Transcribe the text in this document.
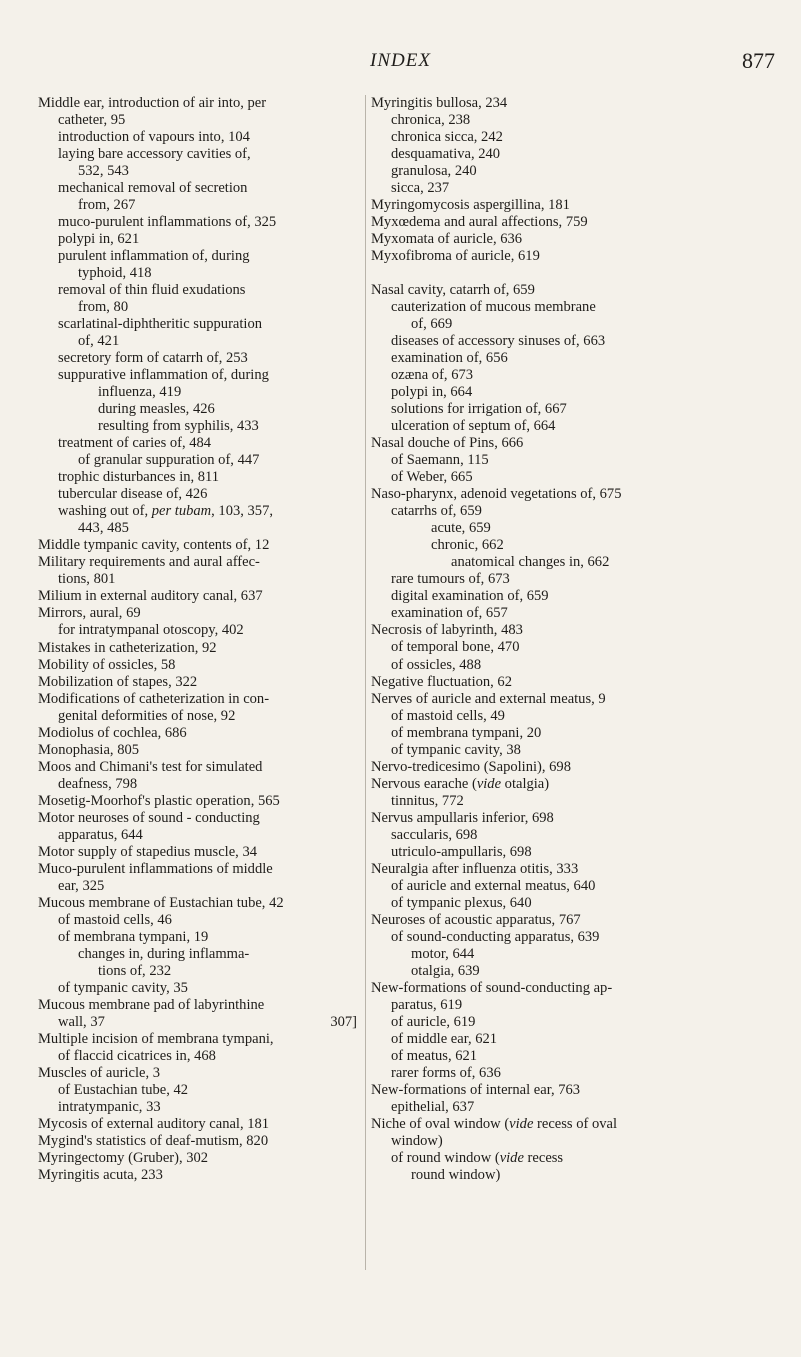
INDEX	877
Middle ear, introduction of air into, per
catheter, 95
introduction of vapours into, 104
laying bare accessory cavities of,
532, 543
mechanical removal of secretion
from, 267
muco-purulent inflammations of, 325
polypi in, 621
purulent inflammation of, during
typhoid, 418
removal of thin fluid exudations
from, 80
scarlatinal-diphtheritic suppuration
of, 421
secretory form of catarrh of, 253
suppurative inflammation of, during
influenza, 419
during measles, 426
resulting from syphilis, 433
treatment of caries of, 484
of granular suppuration of, 447
trophic disturbances in, 811
tubercular disease of, 426
washing out of, per tubam, 103, 357,
443, 485
Middle tympanic cavity, contents of, 12
Military requirements and aural affec-
tions, 801
Milium in external auditory canal, 637
Mirrors, aural, 69
for intratympanal otoscopy, 402
Mistakes in catheterization, 92
Mobility of ossicles, 58
Mobilization of stapes, 322
Modifications of catheterization in con-
genital deformities of nose, 92
Modiolus of cochlea, 686
Monophasia, 805
Moos and Chimani's test for simulated
deafness, 798
Mosetig-Moorhof's plastic operation, 565
Motor neuroses of sound - conducting
apparatus, 644
Motor supply of stapedius muscle, 34
Muco-purulent inflammations of middle
ear, 325
Mucous membrane of Eustachian tube, 42
of mastoid cells, 46
of membrana tympani, 19
changes in, during inflamma-
tions of, 232
of tympanic cavity, 35
Mucous membrane pad of labyrinthine
wall, 37	307]
Multiple incision of membrana tympani,
of flaccid cicatrices in, 468
Muscles of auricle, 3
of Eustachian tube, 42
intratympanic, 33
Mycosis of external auditory canal, 181
Mygind's statistics of deaf-mutism, 820
Myringectomy (Gruber), 302
Myringitis acuta, 233
Myringitis bullosa, 234
chronica, 238
chronica sicca, 242
desquamativa, 240
granulosa, 240
sicca, 237
Myringomycosis aspergillina, 181
Myxœdema and aural affections, 759
Myxomata of auricle, 636
Myxofibroma of auricle, 619
Nasal cavity, catarrh of, 659
cauterization of mucous membrane
of, 669
diseases of accessory sinuses of, 663
examination of, 656
ozæna of, 673
polypi in, 664
solutions for irrigation of, 667
ulceration of septum of, 664
Nasal douche of Pins, 666
of Saemann, 115
of Weber, 665
Naso-pharynx, adenoid vegetations of, 675
catarrhs of, 659
acute, 659
chronic, 662
anatomical changes in, 662
rare tumours of, 673
digital examination of, 659
examination of, 657
Necrosis of labyrinth, 483
of temporal bone, 470
of ossicles, 488
Negative fluctuation, 62
Nerves of auricle and external meatus, 9
of mastoid cells, 49
of membrana tympani, 20
of tympanic cavity, 38
Nervo-tredicesimo (Sapolini), 698
Nervous earache (vide otalgia)
tinnitus, 772
Nervus ampullaris inferior, 698
saccularis, 698
utriculo-ampullaris, 698
Neuralgia after influenza otitis, 333
of auricle and external meatus, 640
of tympanic plexus, 640
Neuroses of acoustic apparatus, 767
of sound-conducting apparatus, 639
motor, 644
otalgia, 639
New-formations of sound-conducting ap-
paratus, 619
of auricle, 619
of middle ear, 621
of meatus, 621
rarer forms of, 636
New-formations of internal ear, 763
epithelial, 637
Niche of oval window (vide recess of oval
window)
of round window (vide recess
round window)
